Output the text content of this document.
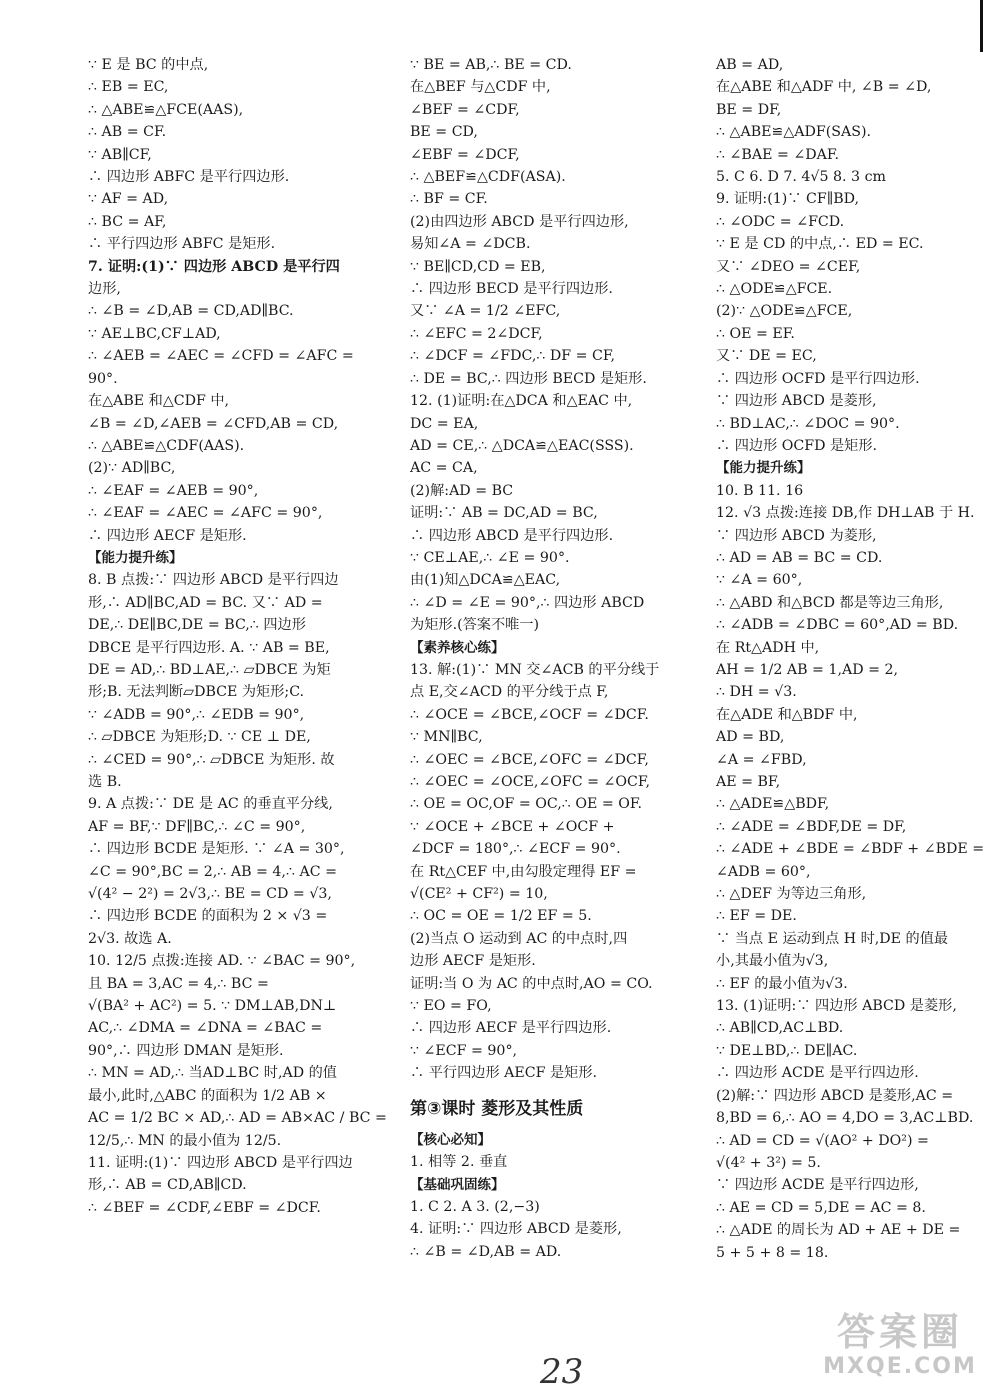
∵ E 是 BC 的中点,
∴ EB = EC,
∴ △ABE≌△FCE(AAS),
∴ AB = CF.
∵ AB∥CF,
∴ 四边形 ABFC 是平行四边形.
∵ AF = AD,
∴ BC = AF,
∴ 平行四边形 ABFC 是矩形.
7. 证明:(1)∵ 四边形 ABCD 是平行四
边形,
∴ ∠B = ∠D,AB = CD,AD∥BC.
∵ AE⊥BC,CF⊥AD,
∴ ∠AEB = ∠AEC = ∠CFD = ∠AFC =
90°.
在△ABE 和△CDF 中,
∠B = ∠D,∠AEB = ∠CFD,AB = CD,
∴ △ABE≌△CDF(AAS).
(2)∵ AD∥BC,
∴ ∠EAF = ∠AEB = 90°,
∴ ∠EAF = ∠AEC = ∠AFC = 90°,
∴ 四边形 AECF 是矩形.
【能力提升练】
8. B 点拨:∵ 四边形 ABCD 是平行四边
形,∴ AD∥BC,AD = BC. 又∵ AD =
DE,∴ DE∥BC,DE = BC,∴ 四边形
DBCE 是平行四边形. A. ∵ AB = BE,
DE = AD,∴ BD⊥AE,∴ ▱DBCE 为矩
形;B. 无法判断▱DBCE 为矩形;C.
∵ ∠ADB = 90°,∴ ∠EDB = 90°,
∴ ▱DBCE 为矩形;D. ∵ CE ⊥ DE,
∴ ∠CED = 90°,∴ ▱DBCE 为矩形. 故
选 B.
9. A 点拨:∵ DE 是 AC 的垂直平分线,
AF = BF,∵ DF∥BC,∴ ∠C = 90°,
∴ 四边形 BCDE 是矩形. ∵ ∠A = 30°,
∠C = 90°,BC = 2,∴ AB = 4,∴ AC =
√(4² − 2²) = 2√3,∴ BE = CD = √3,
∴ 四边形 BCDE 的面积为 2 × √3 =
2√3. 故选 A.
10. 12/5 点拨:连接 AD. ∵ ∠BAC = 90°,
且 BA = 3,AC = 4,∴ BC =
√(BA² + AC²) = 5. ∵ DM⊥AB,DN⊥
AC,∴ ∠DMA = ∠DNA = ∠BAC =
90°,∴ 四边形 DMAN 是矩形.
∴ MN = AD,∴ 当AD⊥BC 时,AD 的值
最小,此时,△ABC 的面积为 1/2 AB ×
AC = 1/2 BC × AD,∴ AD = AB×AC / BC =
12/5,∴ MN 的最小值为 12/5.
11. 证明:(1)∵ 四边形 ABCD 是平行四边
形,∴ AB = CD,AB∥CD.
∴ ∠BEF = ∠CDF,∠EBF = ∠DCF.
∵ BE = AB,∴ BE = CD.
在△BEF 与△CDF 中,
∠BEF = ∠CDF,
BE = CD,
∠EBF = ∠DCF,
∴ △BEF≌△CDF(ASA).
∴ BF = CF.
(2)由四边形 ABCD 是平行四边形,
易知∠A = ∠DCB.
∵ BE∥CD,CD = EB,
∴ 四边形 BECD 是平行四边形.
又∵ ∠A = 1/2 ∠EFC,
∴ ∠EFC = 2∠DCF,
∴ ∠DCF = ∠FDC,∴ DF = CF,
∴ DE = BC,∴ 四边形 BECD 是矩形.
12. (1)证明:在△DCA 和△EAC 中,
DC = EA,
AD = CE,∴ △DCA≌△EAC(SSS).
AC = CA,
(2)解:AD = BC
证明:∵ AB = DC,AD = BC,
∴ 四边形 ABCD 是平行四边形.
∵ CE⊥AE,∴ ∠E = 90°.
由(1)知△DCA≌△EAC,
∴ ∠D = ∠E = 90°,∴ 四边形 ABCD
为矩形.(答案不唯一)
【素养核心练】
13. 解:(1)∵ MN 交∠ACB 的平分线于
点 E,交∠ACD 的平分线于点 F,
∴ ∠OCE = ∠BCE,∠OCF = ∠DCF.
∵ MN∥BC,
∴ ∠OEC = ∠BCE,∠OFC = ∠DCF,
∴ ∠OEC = ∠OCE,∠OFC = ∠OCF,
∴ OE = OC,OF = OC,∴ OE = OF.
∵ ∠OCE + ∠BCE + ∠OCF +
∠DCF = 180°,∴ ∠ECF = 90°.
在 Rt△CEF 中,由勾股定理得 EF =
√(CE² + CF²) = 10,
∴ OC = OE = 1/2 EF = 5.
(2)当点 O 运动到 AC 的中点时,四
边形 AECF 是矩形.
证明:当 O 为 AC 的中点时,AO = CO.
∵ EO = FO,
∴ 四边形 AECF 是平行四边形.
∵ ∠ECF = 90°,
∴ 平行四边形 AECF 是矩形.
第③课时 菱形及其性质
【核心必知】
1. 相等 2. 垂直
【基础巩固练】
1. C 2. A 3. (2,−3)
4. 证明:∵ 四边形 ABCD 是菱形,
∴ ∠B = ∠D,AB = AD.
AB = AD,
在△ABE 和△ADF 中, ∠B = ∠D,
BE = DF,
∴ △ABE≌△ADF(SAS).
∴ ∠BAE = ∠DAF.
5. C 6. D 7. 4√5 8. 3 cm
9. 证明:(1)∵ CF∥BD,
∴ ∠ODC = ∠FCD.
∵ E 是 CD 的中点,∴ ED = EC.
又∵ ∠DEO = ∠CEF,
∴ △ODE≌△FCE.
(2)∵ △ODE≌△FCE,
∴ OE = EF.
又∵ DE = EC,
∴ 四边形 OCFD 是平行四边形.
∵ 四边形 ABCD 是菱形,
∴ BD⊥AC,∴ ∠DOC = 90°.
∴ 四边形 OCFD 是矩形.
【能力提升练】
10. B 11. 16
12. √3 点拨:连接 DB,作 DH⊥AB 于 H.
∵ 四边形 ABCD 为菱形,
∴ AD = AB = BC = CD.
∵ ∠A = 60°,
∴ △ABD 和△BCD 都是等边三角形,
∴ ∠ADB = ∠DBC = 60°,AD = BD.
在 Rt△ADH 中,
AH = 1/2 AB = 1,AD = 2,
∴ DH = √3.
在△ADE 和△BDF 中,
AD = BD,
∠A = ∠FBD,
AE = BF,
∴ △ADE≌△BDF,
∴ ∠ADE = ∠BDF,DE = DF,
∴ ∠ADE + ∠BDE = ∠BDF + ∠BDE =
∠ADB = 60°,
∴ △DEF 为等边三角形,
∴ EF = DE.
∵ 当点 E 运动到点 H 时,DE 的值最
小,其最小值为√3,
∴ EF 的最小值为√3.
13. (1)证明:∵ 四边形 ABCD 是菱形,
∴ AB∥CD,AC⊥BD.
∵ DE⊥BD,∴ DE∥AC.
∴ 四边形 ACDE 是平行四边形.
(2)解:∵ 四边形 ABCD 是菱形,AC =
8,BD = 6,∴ AO = 4,DO = 3,AC⊥BD.
∴ AD = CD = √(AO² + DO²) =
√(4² + 3²) = 5.
∵ 四边形 ACDE 是平行四边形,
∴ AE = CD = 5,DE = AC = 8.
∴ △ADE 的周长为 AD + AE + DE =
5 + 5 + 8 = 18.
23
答案圈
MXQE.COM
